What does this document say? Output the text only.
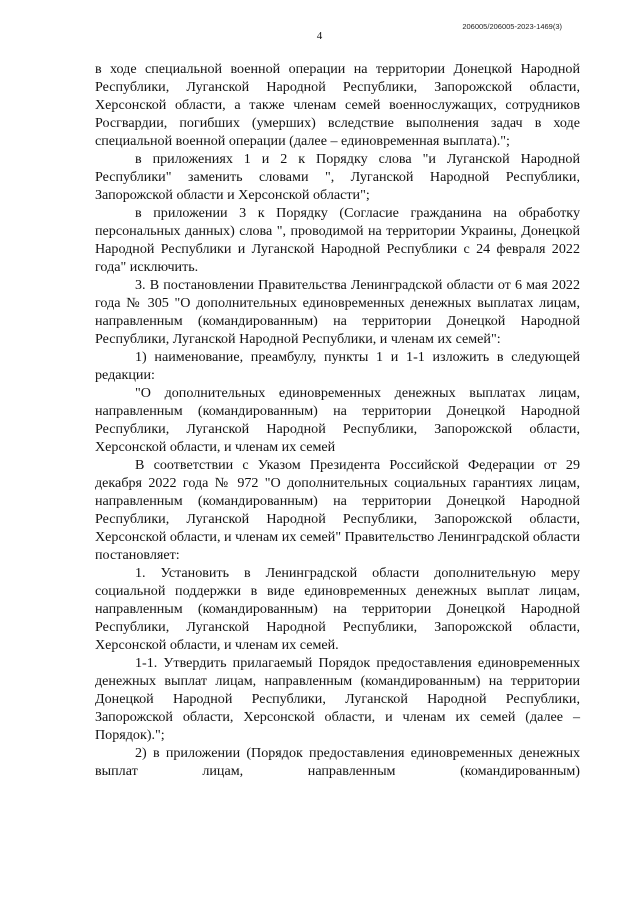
4
206005/206005-2023-1469(3)

в ходе специальной военной операции на территории Донецкой Народной Республики, Луганской Народной Республики, Запорожской области, Херсонской области, а также членам семей военнослужащих, сотрудников Росгвардии, погибших (умерших) вследствие выполнения задач в ходе специальной военной операции (далее – единовременная выплата).";

в приложениях 1 и 2 к Порядку слова "и Луганской Народной Республики" заменить словами ", Луганской Народной Республики, Запорожской области и Херсонской области";

в приложении 3 к Порядку (Согласие гражданина на обработку персональных данных) слова ", проводимой на территории Украины, Донецкой Народной Республики и Луганской Народной Республики с 24 февраля 2022 года" исключить.

3. В постановлении Правительства Ленинградской области от 6 мая 2022 года № 305 "О дополнительных единовременных денежных выплатах лицам, направленным (командированным) на территории Донецкой Народной Республики, Луганской Народной Республики, и членам их семей":

1) наименование, преамбулу, пункты 1 и 1-1 изложить в следующей редакции:

"О дополнительных единовременных денежных выплатах лицам, направленным (командированным) на территории Донецкой Народной Республики, Луганской Народной Республики, Запорожской области, Херсонской области, и членам их семей

В соответствии с Указом Президента Российской Федерации от 29 декабря 2022 года № 972 "О дополнительных социальных гарантиях лицам, направленным (командированным) на территории Донецкой Народной Республики, Луганской Народной Республики, Запорожской области, Херсонской области, и членам их семей" Правительство Ленинградской области постановляет:

1. Установить в Ленинградской области дополнительную меру социальной поддержки в виде единовременных денежных выплат лицам, направленным (командированным) на территории Донецкой Народной Республики, Луганской Народной Республики, Запорожской области, Херсонской области, и членам их семей.

1-1. Утвердить прилагаемый Порядок предоставления единовременных денежных выплат лицам, направленным (командированным) на территории Донецкой Народной Республики, Луганской Народной Республики, Запорожской области, Херсонской области, и членам их семей (далее – Порядок).";

2) в приложении (Порядок предоставления единовременных денежных выплат лицам, направленным (командированным)
